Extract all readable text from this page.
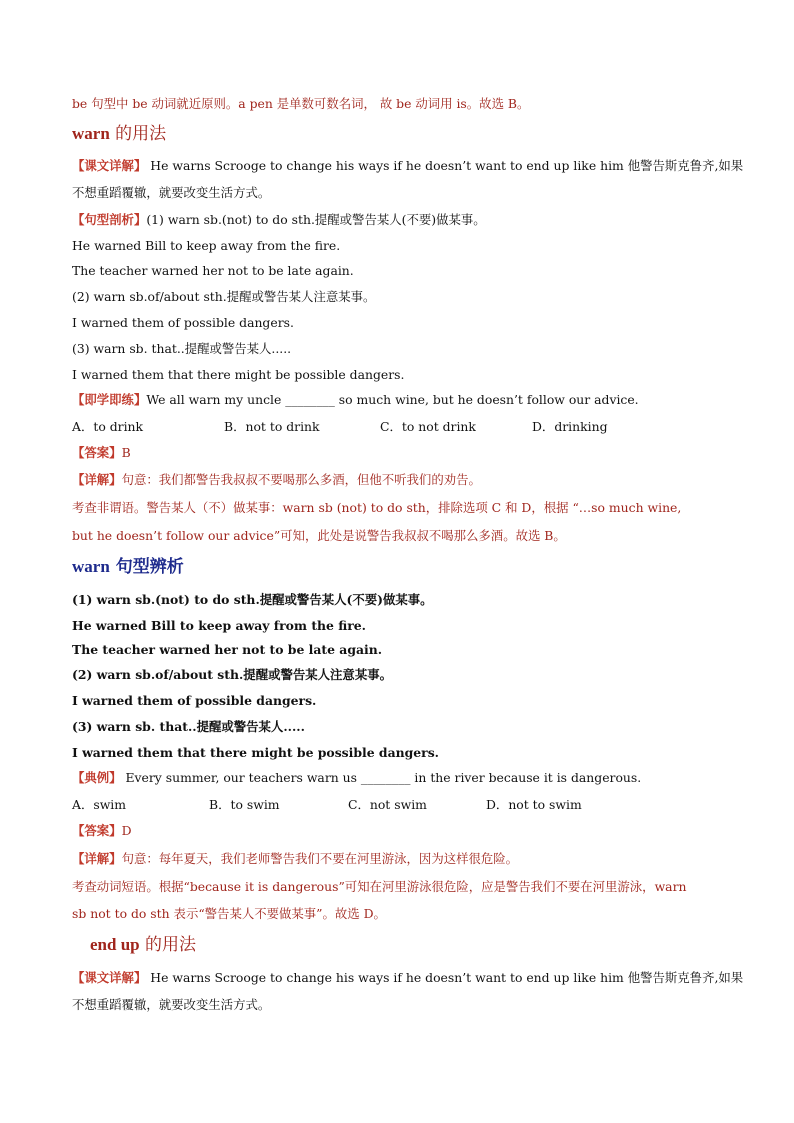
be 句型中 be 动词就近原则。a pen 是单数可数名词， 故 be 动词用 is。故选 B。
warn 的用法
【课文详解】 He warns Scrooge to change his ways if he doesn’t want to end up like him 他警告斯克鲁齐,如果
不想重蹈覆辙，就要改变生活方式。
【句型剖析】(1) warn sb.(not) to do sth.提醒或警告某人(不要)做某事。
He warned Bill to keep away from the fire.
The teacher warned her not to be late again.
(2) warn sb.of/about sth.提醒或警告某人注意某事。
I warned them of possible dangers.
(3) warn sb. that..提醒或警告某人.....
I warned them that there might be possible dangers.
【即学即练】We all warn my uncle ________ so much wine, but he doesn’t follow our advice.
A．to drink	B．not to drink	C．to not drink	D．drinking
【答案】B
【详解】句意：我们都警告我叔叔不要喝那么多酒，但他不听我们的劝告。
考查非谓语。警告某人（不）做某事：warn sb (not) to do sth，排除选项 C 和 D，根据 “…so much wine,
but he doesn’t follow our advice”可知，此处是说警告我叔叔不喝那么多酒。故选 B。
warn 句型辨析
(1) warn sb.(not) to do sth.提醒或警告某人(不要)做某事。
He warned Bill to keep away from the fire.
The teacher warned her not to be late again.
(2) warn sb.of/about sth.提醒或警告某人注意某事。
I warned them of possible dangers.
(3) warn sb. that..提醒或警告某人.....
I warned them that there might be possible dangers.
【典例】 Every summer, our teachers warn us ________ in the river because it is dangerous.
A．swim	B．to swim	C．not swim	D．not to swim
【答案】D
【详解】句意：每年夏天，我们老师警告我们不要在河里游泳，因为这样很危险。
考查动词短语。根据“because it is dangerous”可知在河里游泳很危险，应是警告我们不要在河里游泳，warn
sb not to do sth 表示“警告某人不要做某事”。故选 D。
end up 的用法
【课文详解】 He warns Scrooge to change his ways if he doesn’t want to end up like him 他警告斯克鲁齐,如果
不想重蹈覆辙，就要改变生活方式。
